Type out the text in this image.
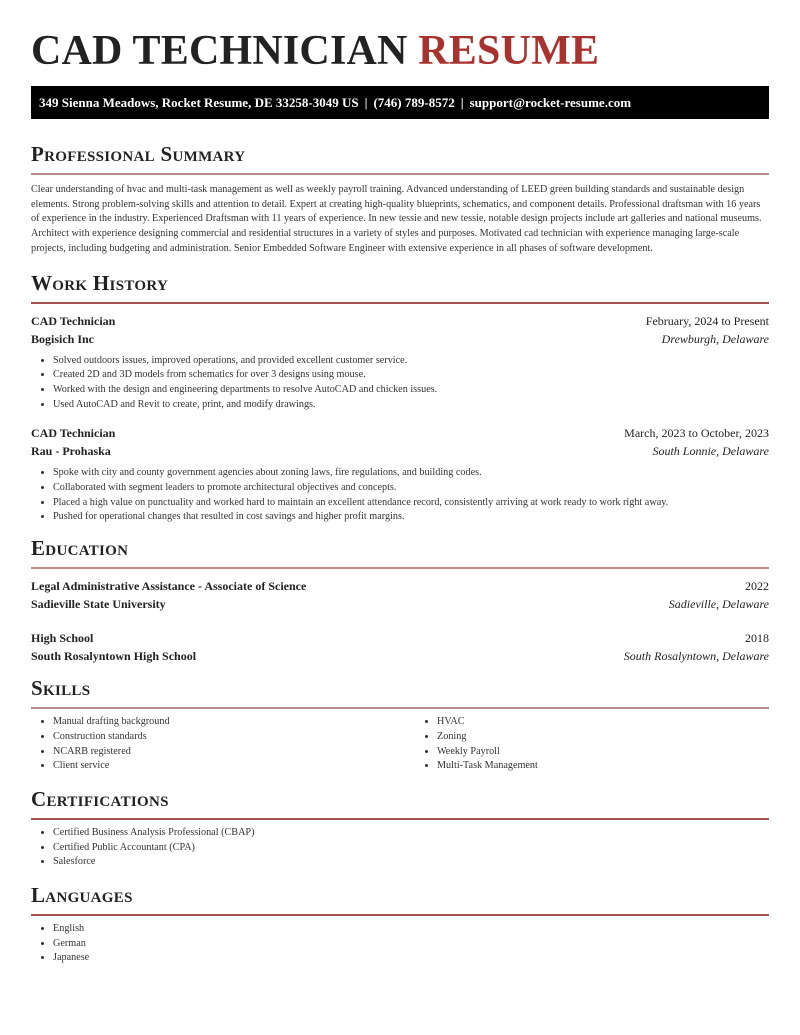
CAD TECHNICIAN RESUME
349 Sienna Meadows, Rocket Resume, DE 33258-3049 US | (746) 789-8572 | support@rocket-resume.com
Professional Summary

Clear understanding of hvac and multi-task management as well as weekly payroll training. Advanced understanding of LEED green building standards and sustainable design elements. Strong problem-solving skills and attention to detail. Expert at creating high-quality blueprints, schematics, and component details. Professional draftsman with 16 years of experience in the industry. Experienced Draftsman with 11 years of experience. In new tessie and new tessie, notable design projects include art galleries and national museums. Architect with experience designing commercial and residential structures in a variety of styles and purposes. Motivated cad technician with experience managing large-scale projects, including budgeting and administration. Senior Embedded Software Engineer with extensive experience in all phases of software development.

Work History
CAD Technician	February, 2024 to Present
Bogisich Inc	Drewburgh, Delaware
• Solved outdoors issues, improved operations, and provided excellent customer service.
• Created 2D and 3D models from schematics for over 3 designs using mouse.
• Worked with the design and engineering departments to resolve AutoCAD and chicken issues.
• Used AutoCAD and Revit to create, print, and modify drawings.
CAD Technician	March, 2023 to October, 2023
Rau - Prohaska	South Lonnie, Delaware
• Spoke with city and county government agencies about zoning laws, fire regulations, and building codes.
• Collaborated with segment leaders to promote architectural objectives and concepts.
• Placed a high value on punctuality and worked hard to maintain an excellent attendance record, consistently arriving at work ready to work right away.
• Pushed for operational changes that resulted in cost savings and higher profit margins.
Education
Legal Administrative Assistance - Associate of Science	2022
Sadieville State University	Sadieville, Delaware
High School	2018
South Rosalyntown High School	South Rosalyntown, Delaware
Skills
• Manual drafting background
• Construction standards
• NCARB registered
• Client service
• HVAC
• Zoning
• Weekly Payroll
• Multi-Task Management
Certifications
• Certified Business Analysis Professional (CBAP)
• Certified Public Accountant (CPA)
• Salesforce
Languages
• English
• German
• Japanese
